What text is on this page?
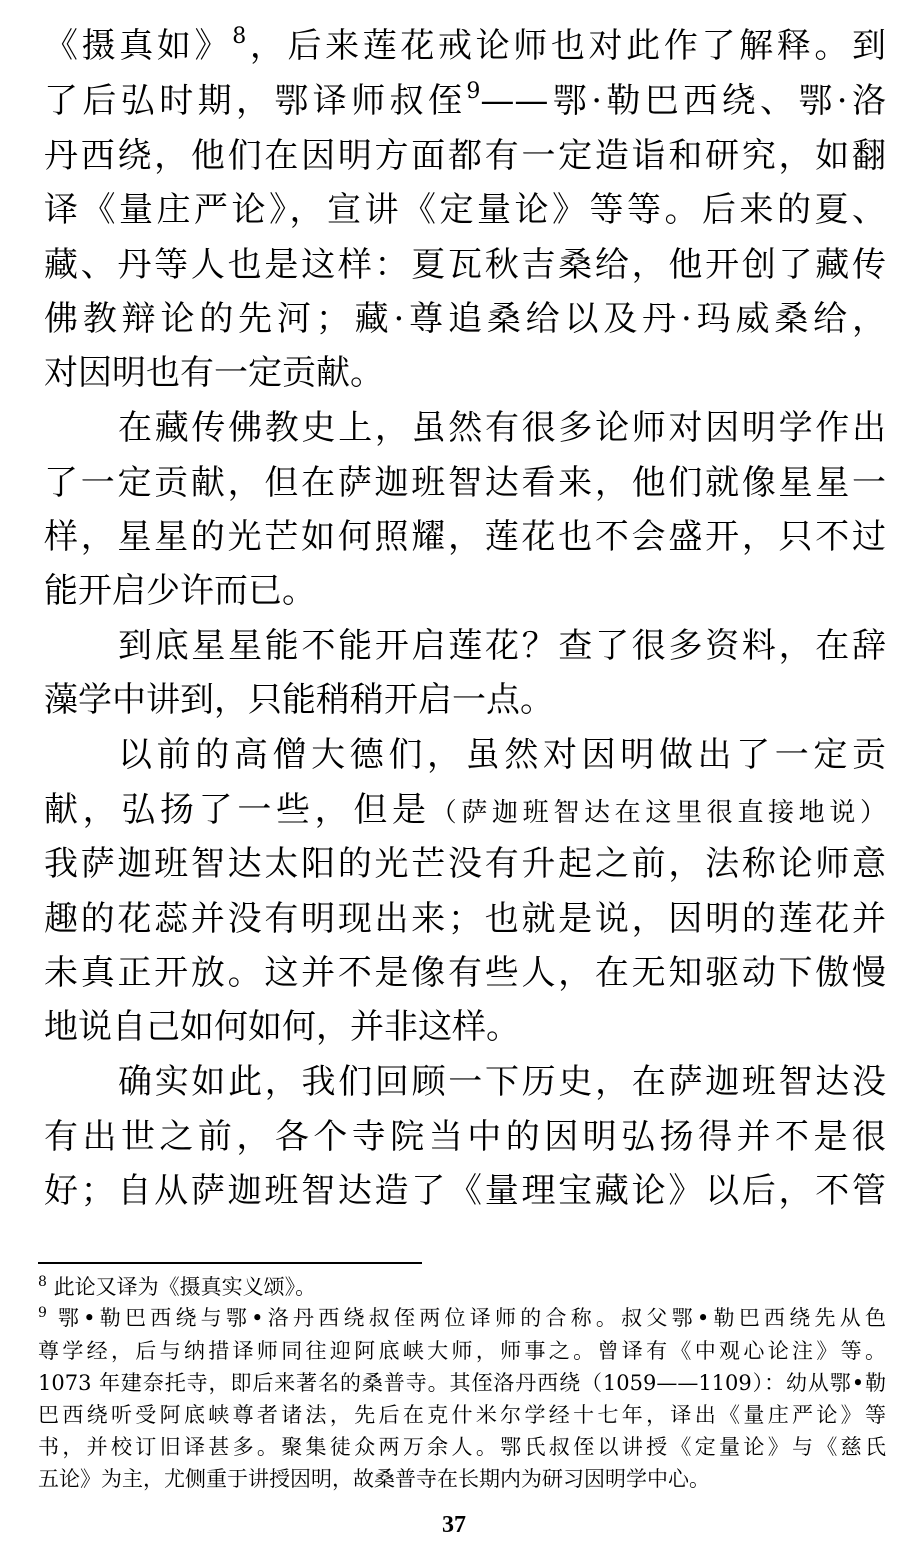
《摄真如》$^8$，后来莲花戒论师也对此作了解释。到
了后弘时期，鄂译师叔侄$^9$——鄂·勒巴西绕、鄂·洛
丹西绕，他们在因明方面都有一定造诣和研究，如翻
译《量庄严论》，宣讲《定量论》等等。后来的夏、
藏、丹等人也是这样：夏瓦秋吉桑给，他开创了藏传
佛教辩论的先河；藏·尊追桑给以及丹·玛威桑给，
对因明也有一定贡献。
在藏传佛教史上，虽然有很多论师对因明学作出
了一定贡献，但在萨迦班智达看来，他们就像星星一
样，星星的光芒如何照耀，莲花也不会盛开，只不过
能开启少许而已。
到底星星能不能开启莲花？查了很多资料，在辞
藻学中讲到，只能稍稍开启一点。
以前的高僧大德们，虽然对因明做出了一定贡
献，弘扬了一些，但是（萨迦班智达在这里很直接地说）
我萨迦班智达太阳的光芒没有升起之前，法称论师意
趣的花蕊并没有明现出来；也就是说，因明的莲花并
未真正开放。这并不是像有些人，在无知驱动下傲慢
地说自己如何如何，并非这样。
确实如此，我们回顾一下历史，在萨迦班智达没
有出世之前，各个寺院当中的因明弘扬得并不是很
好；自从萨迦班智达造了《量理宝藏论》以后，不管
$^8$ 此论又译为《摄真实义颂》。
$^9$ 鄂•勒巴西绕与鄂•洛丹西绕叔侄两位译师的合称。叔父鄂•勒巴西绕先从色
尊学经，后与纳措译师同往迎阿底峡大师，师事之。曾译有《中观心论注》等。
1073 年建奈托寺，即后来著名的桑普寺。其侄洛丹西绕（1059——1109）：幼从鄂•勒
巴西绕听受阿底峡尊者诸法，先后在克什米尔学经十七年，译出《量庄严论》等
书，并校订旧译甚多。聚集徒众两万余人。鄂氏叔侄以讲授《定量论》与《慈氏
五论》为主，尤侧重于讲授因明，故桑普寺在长期内为研习因明学中心。
37
